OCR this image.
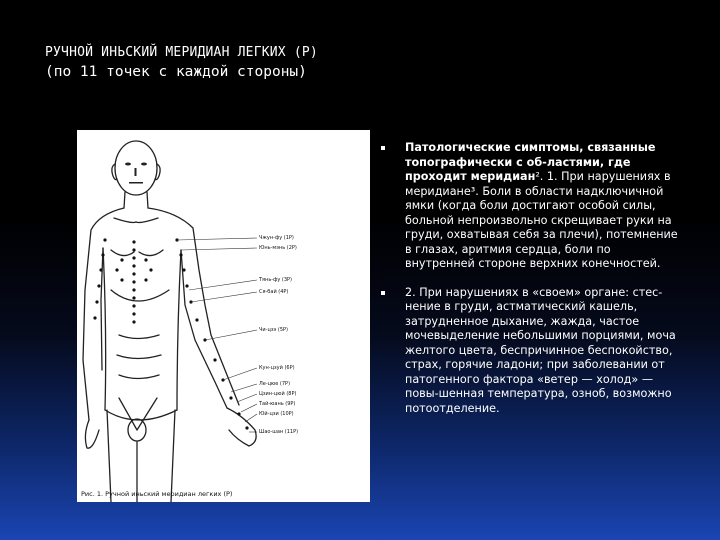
РУЧНОЙ ИНЬСКИЙ МЕРИДИАН ЛЕГКИХ (Р)
(по 11 точек с каждой стороны)
Чжун-фу (1Р)
Юнь-мэнь (2Р)
Тянь-фу (3Р)
Ся-бай (4Р)
Чи-цзэ (5Р)
Кун-цзуй (6Р)
Ле-цюе (7Р)
Цзин-цюй (8Р)
Тай-юань (9Р)
Юй-цзи (10Р)
Шао-шан (11Р)
Рис. 1. Ручной иньский меридиан легких (Р)
Патологические симптомы, связанные топографически с об-ластями, где проходит меридиан². 1. При нарушениях в меридиане³. Боли в области надключичной ямки (когда боли достигают особой силы, больной непроизвольно скрещивает руки на груди, охватывая себя за плечи), потемнение в глазах, аритмия сердца, боли по внутренней стороне верхних конечностей.
2. При нарушениях в «своем» органе: стес-нение в груди, астматический кашель, затрудненное дыхание, жажда, частое мочевыделение небольшими порциями, моча желтого цвета, беспричинное беспокойство, страх, горячие ладони; при заболевании от патогенного фактора «ветер — холод» — повы-шенная температура, озноб, возможно потоотделение.
